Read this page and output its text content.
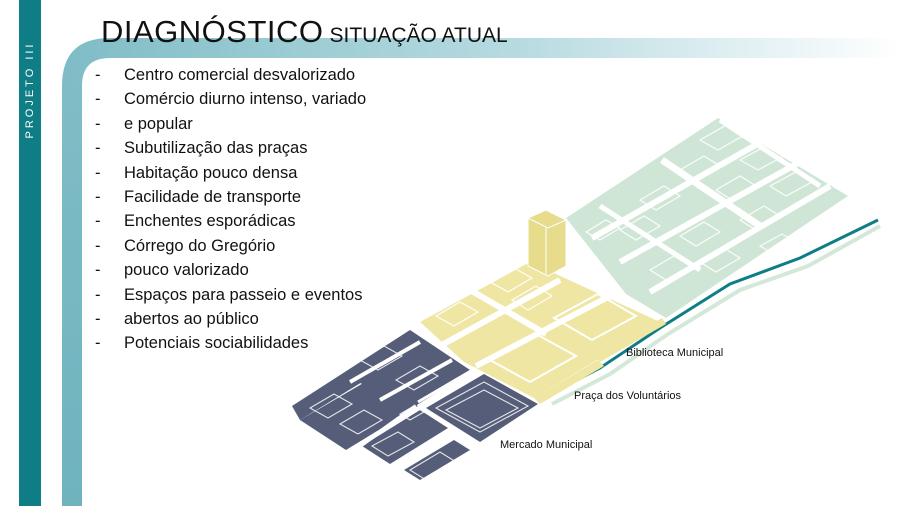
PROJETO III
DIAGNÓSTICO SITUAÇÃO ATUAL
- Centro comercial desvalorizado
- Comércio diurno intenso, variado
- e popular
- Subutilização das praças
- Habitação pouco densa
- Facilidade de transporte
- Enchentes esporádicas
- Córrego do Gregório
- pouco valorizado
- Espaços para passeio e eventos
- abertos ao público
- Potenciais sociabilidades
Biblioteca Municipal
Praça dos Voluntários
Mercado Municipal
